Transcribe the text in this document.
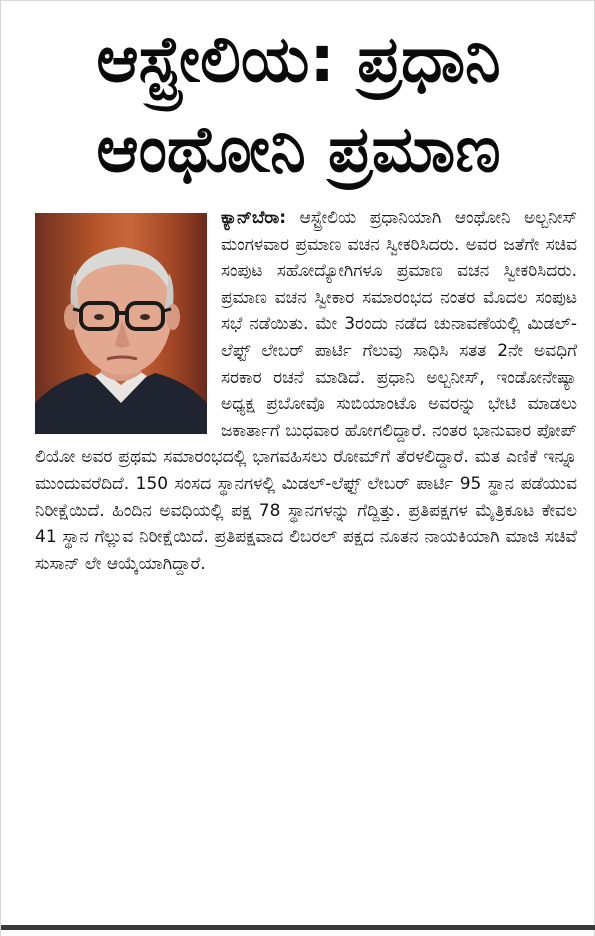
ಆಸ್ಟ್ರೇಲಿಯ: ಪ್ರಧಾನಿ
ಆಂಥೋನಿ ಪ್ರಮಾಣ

ಕ್ಯಾನ್‌ಬೆರಾ:
ಆಸ್ಟ್ರೇಲಿಯ ಪ್ರಧಾನಿಯಾಗಿ ಆಂಥೋನಿ ಅಲ್ಬನೀಸ್ ಮಂಗಳವಾರ ಪ್ರಮಾಣ ವಚನ ಸ್ವೀಕರಿಸಿದರು. ಅವರ ಜತೆಗೇ ಸಚಿವ ಸಂಪುಟ ಸಹೋದ್ಯೋಗಿಗಳೂ ಪ್ರಮಾಣ ವಚನ ಸ್ವೀಕರಿಸಿದರು. ಪ್ರಮಾಣ ವಚನ ಸ್ವೀಕಾರ ಸಮಾರಂಭದ ನಂತರ ಮೊದಲ ಸಂಪುಟ ಸಭೆ ನಡೆಯಿತು. ಮೇ 3ರಂದು ನಡೆದ ಚುನಾವಣೆಯಲ್ಲಿ ಮಿಡಲ್-ಲೆಫ್ಟ್ ಲೇಬರ್ ಪಾರ್ಟಿ ಗೆಲುವು ಸಾಧಿಸಿ ಸತತ 2ನೇ ಅವಧಿಗೆ ಸರಕಾರ ರಚನೆ ಮಾಡಿದೆ. ಪ್ರಧಾನಿ ಅಲ್ಬನೀಸ್, ಇಂಡೋನೇಷ್ಯಾ ಅಧ್ಯಕ್ಷ ಪ್ರಬೋವೊ ಸುಬಿಯಾಂಟೊ ಅವರನ್ನು ಭೇಟಿ ಮಾಡಲು ಜಕಾರ್ತಾಗೆ ಬುಧವಾರ ಹೋಗಲಿದ್ದಾರೆ. ನಂತರ ಭಾನುವಾರ ಪೋಪ್ ಲಿಯೋ ಅವರ ಪ್ರಥಮ ಸಮಾರಂಭದಲ್ಲಿ ಭಾಗವಹಿಸಲು ರೋಮ್‌ಗೆ ತೆರಳಲಿದ್ದಾರೆ. ಮತ ಎಣಿಕೆ ಇನ್ನೂ ಮುಂದುವರೆದಿದೆ. 150 ಸಂಸದ ಸ್ಥಾನಗಳಲ್ಲಿ ಮಿಡಲ್-ಲೆಫ್ಟ್ ಲೇಬರ್ ಪಾರ್ಟಿ 95 ಸ್ಥಾನ ಪಡೆಯುವ ನಿರೀಕ್ಷೆಯಿದೆ. ಹಿಂದಿನ ಅವಧಿಯಲ್ಲಿ ಪಕ್ಷ 78 ಸ್ಥಾನಗಳನ್ನು ಗೆದ್ದಿತ್ತು. ಪ್ರತಿಪಕ್ಷಗಳ ಮೈತ್ರಿಕೂಟ ಕೇವಲ 41 ಸ್ಥಾನ ಗೆಲ್ಲುವ ನಿರೀಕ್ಷೆಯಿದೆ. ಪ್ರತಿಪಕ್ಷವಾದ ಲಿಬರಲ್ ಪಕ್ಷದ ನೂತನ ನಾಯಕಿಯಾಗಿ ಮಾಜಿ ಸಚಿವೆ ಸುಸಾನ್ ಲೇ ಆಯ್ಕೆಯಾಗಿದ್ದಾರೆ.
